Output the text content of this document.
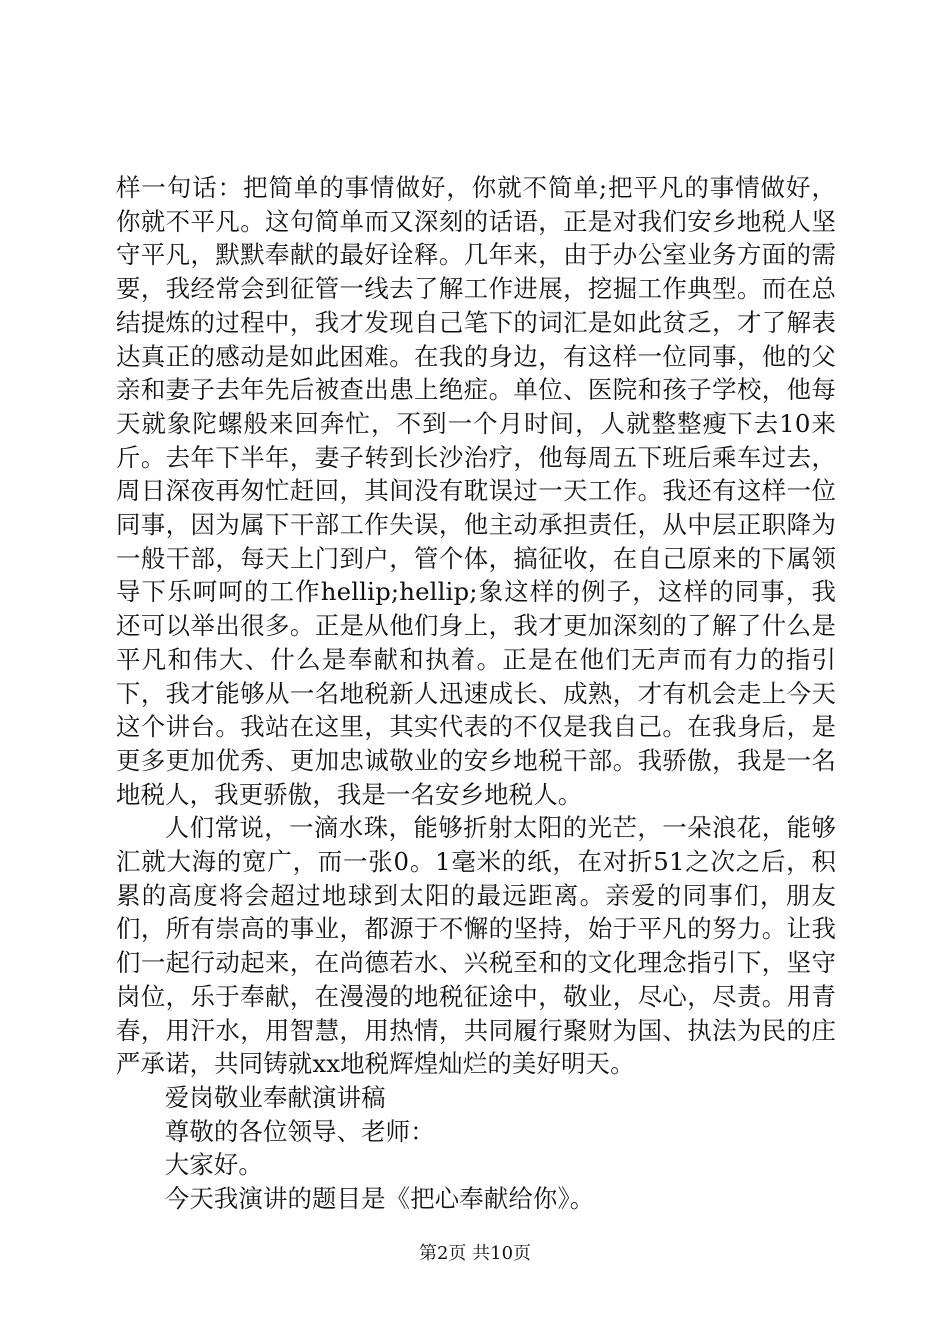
样一句话：把简单的事情做好，你就不简单;把平凡的事情做好，你就不平凡。这句简单而又深刻的话语，正是对我们安乡地税人坚守平凡，默默奉献的最好诠释。几年来，由于办公室业务方面的需要，我经常会到征管一线去了解工作进展，挖掘工作典型。而在总结提炼的过程中，我才发现自己笔下的词汇是如此贫乏，才了解表达真正的感动是如此困难。在我的身边，有这样一位同事，他的父亲和妻子去年先后被查出患上绝症。单位、医院和孩子学校，他每天就象陀螺般来回奔忙，不到一个月时间，人就整整瘦下去10来斤。去年下半年，妻子转到长沙治疗，他每周五下班后乘车过去，周日深夜再匆忙赶回，其间没有耽误过一天工作。我还有这样一位同事，因为属下干部工作失误，他主动承担责任，从中层正职降为一般干部，每天上门到户，管个体，搞征收，在自己原来的下属领导下乐呵呵的工作hellip;hellip;象这样的例子，这样的同事，我还可以举出很多。正是从他们身上，我才更加深刻的了解了什么是平凡和伟大、什么是奉献和执着。正是在他们无声而有力的指引下，我才能够从一名地税新人迅速成长、成熟，才有机会走上今天这个讲台。我站在这里，其实代表的不仅是我自己。在我身后，是更多更加优秀、更加忠诚敬业的安乡地税干部。我骄傲，我是一名地税人，我更骄傲，我是一名安乡地税人。

人们常说，一滴水珠，能够折射太阳的光芒，一朵浪花，能够汇就大海的宽广，而一张0。1毫米的纸，在对折51之次之后，积累的高度将会超过地球到太阳的最远距离。亲爱的同事们，朋友们，所有崇高的事业，都源于不懈的坚持，始于平凡的努力。让我们一起行动起来，在尚德若水、兴税至和的文化理念指引下，坚守岗位，乐于奉献，在漫漫的地税征途中，敬业，尽心，尽责。用青春，用汗水，用智慧，用热情，共同履行聚财为国、执法为民的庄严承诺，共同铸就xx地税辉煌灿烂的美好明天。

爱岗敬业奉献演讲稿

尊敬的各位领导、老师：

大家好。

今天我演讲的题目是《把心奉献给你》。

第2页 共10页
